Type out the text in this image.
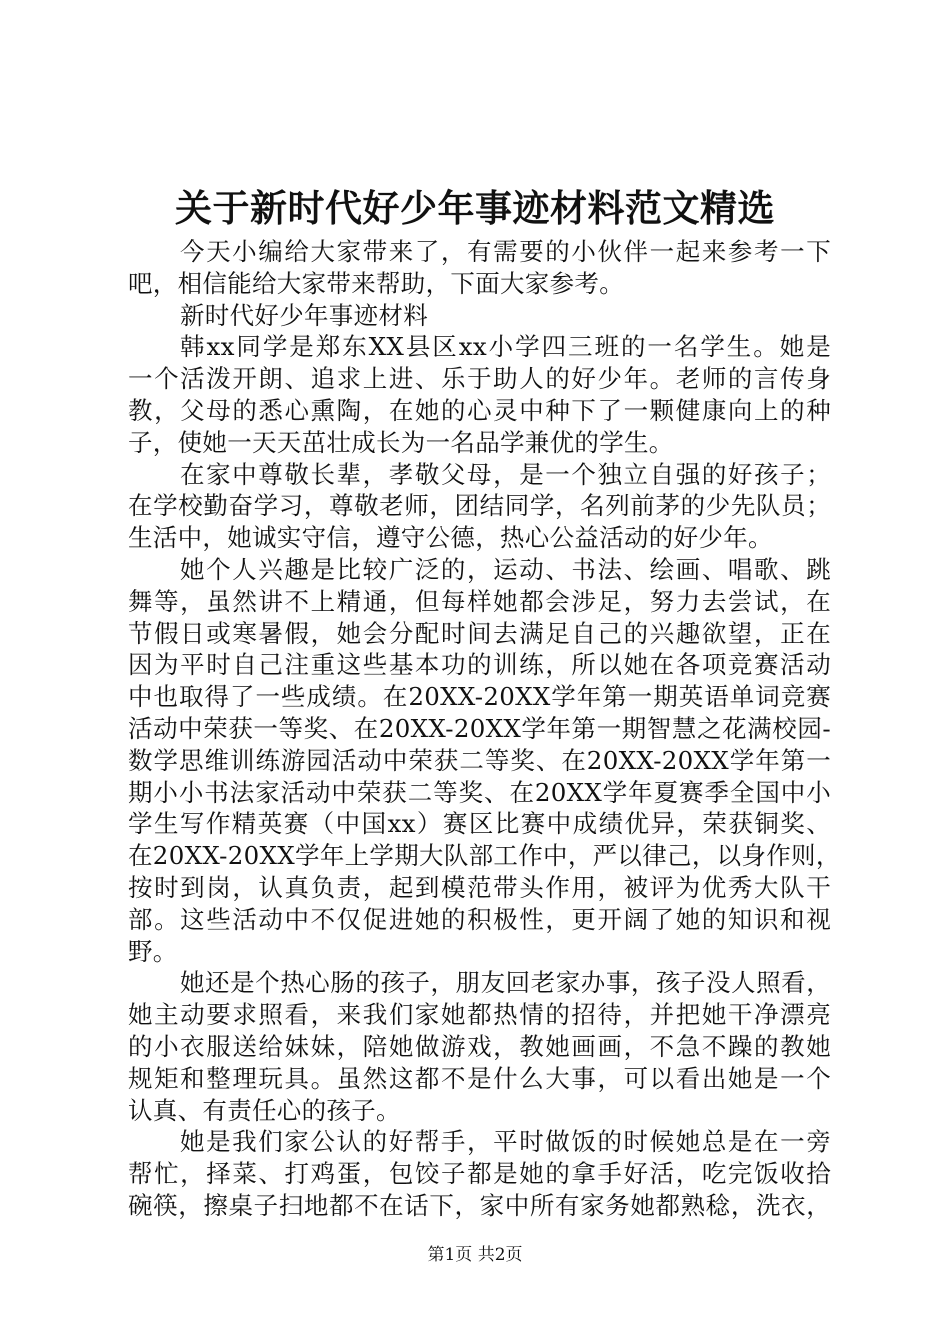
关于新时代好少年事迹材料范文精选
今天小编给大家带来了，有需要的小伙伴一起来参考一下
吧，相信能给大家带来帮助，下面大家参考。
新时代好少年事迹材料
韩xx同学是郑东XX县区xx小学四三班的一名学生。她是
一个活泼开朗、追求上进、乐于助人的好少年。老师的言传身
教，父母的悉心熏陶，在她的心灵中种下了一颗健康向上的种
子，使她一天天茁壮成长为一名品学兼优的学生。
在家中尊敬长辈，孝敬父母，是一个独立自强的好孩子；
在学校勤奋学习，尊敬老师，团结同学，名列前茅的少先队员；
生活中，她诚实守信，遵守公德，热心公益活动的好少年。
她个人兴趣是比较广泛的，运动、书法、绘画、唱歌、跳
舞等，虽然讲不上精通，但每样她都会涉足，努力去尝试，在
节假日或寒暑假，她会分配时间去满足自己的兴趣欲望，正在
因为平时自己注重这些基本功的训练，所以她在各项竞赛活动
中也取得了一些成绩。在20XX-20XX学年第一期英语单词竞赛
活动中荣获一等奖、在20XX-20XX学年第一期智慧之花满校园-
数学思维训练游园活动中荣获二等奖、在20XX-20XX学年第一
期小小书法家活动中荣获二等奖、在20XX学年夏赛季全国中小
学生写作精英赛（中国xx）赛区比赛中成绩优异，荣获铜奖、
在20XX-20XX学年上学期大队部工作中，严以律己，以身作则，
按时到岗，认真负责，起到模范带头作用，被评为优秀大队干
部。这些活动中不仅促进她的积极性，更开阔了她的知识和视
野。
她还是个热心肠的孩子，朋友回老家办事，孩子没人照看，
她主动要求照看，来我们家她都热情的招待，并把她干净漂亮
的小衣服送给妹妹，陪她做游戏，教她画画，不急不躁的教她
规矩和整理玩具。虽然这都不是什么大事，可以看出她是一个
认真、有责任心的孩子。
她是我们家公认的好帮手，平时做饭的时候她总是在一旁
帮忙，择菜、打鸡蛋，包饺子都是她的拿手好活，吃完饭收拾
碗筷，擦桌子扫地都不在话下，家中所有家务她都熟稔，洗衣，
第1页 共2页
